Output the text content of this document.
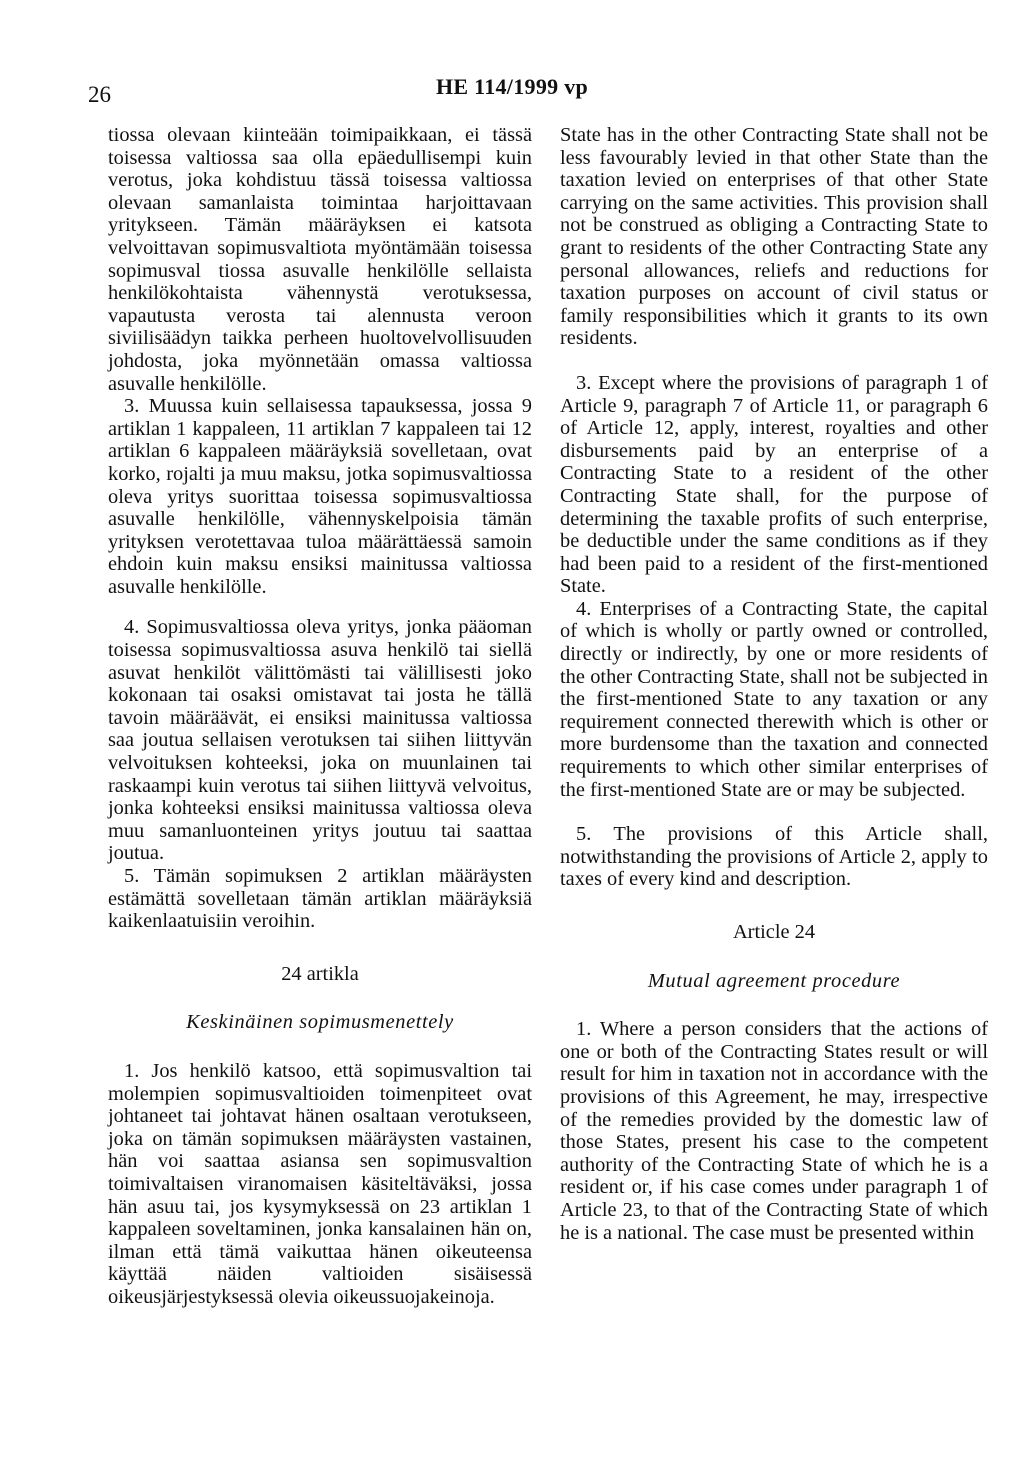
26	HE 114/1999 vp

tiossa olevaan kiinteään toimipaikkaan, ei tässä toisessa valtiossa saa olla epäedullisempi kuin verotus, joka kohdistuu tässä toisessa valtiossa olevaan samanlaista toimintaa harjoittavaan yritykseen. Tämän määräyksen ei katsota velvoittavan sopimusvaltiota myöntämään toisessa sopimusval tiossa asuvalle henkilölle sellaista henkilökohtaista vähennystä verotuksessa, vapautusta verosta tai alennusta veroon siviilisäädyn taikka perheen huoltovelvollisuuden johdosta, joka myönnetään omassa valtiossa asuvalle henkilölle.

3. Muussa kuin sellaisessa tapauksessa, jossa 9 artiklan 1 kappaleen, 11 artiklan 7 kappaleen tai 12 artiklan 6 kappaleen määräyksiä sovelletaan, ovat korko, rojalti ja muu maksu, jotka sopimusvaltiossa oleva yritys suorittaa toisessa sopimusvaltiossa asuvalle henkilölle, vähennyskelpoisia tämän yrityksen verotettavaa tuloa määrättäessä samoin ehdoin kuin maksu ensiksi mainitussa valtiossa asuvalle henkilölle.

4. Sopimusvaltiossa oleva yritys, jonka pääoman toisessa sopimusvaltiossa asuva henkilö tai siellä asuvat henkilöt välittömästi tai välillisesti joko kokonaan tai osaksi omistavat tai josta he tällä tavoin määräävät, ei ensiksi mainitussa valtiossa saa joutua sellaisen verotuksen tai siihen liittyvän velvoituksen kohteeksi, joka on muunlainen tai raskaampi kuin verotus tai siihen liittyvä velvoitus, jonka kohteeksi ensiksi mainitussa valtiossa oleva muu samanluonteinen yritys joutuu tai saattaa joutua.

5. Tämän sopimuksen 2 artiklan määräysten estämättä sovelletaan tämän artiklan määräyksiä kaikenlaatuisiin veroihin.

24 artikla

Keskinäinen sopimusmenettely

1. Jos henkilö katsoo, että sopimusvaltion tai molempien sopimusvaltioiden toimenpiteet ovat johtaneet tai johtavat hänen osaltaan verotukseen, joka on tämän sopimuksen määräysten vastainen, hän voi saattaa asiansa sen sopimusvaltion toimivaltaisen viranomaisen käsiteltäväksi, jossa hän asuu tai, jos kysymyksessä on 23 artiklan 1 kappaleen soveltaminen, jonka kansalainen hän on, ilman että tämä vaikuttaa hänen oikeuteensa käyttää näiden valtioiden sisäisessä oikeusjärjestyksessä olevia oikeussuojakeinoja.

State has in the other Contracting State shall not be less favourably levied in that other State than the taxation levied on enterprises of that other State carrying on the same activities. This provision shall not be construed as obliging a Contracting State to grant to residents of the other Contracting State any personal allowances, reliefs and reductions for taxation purposes on account of civil status or family responsibilities which it grants to its own residents.

3. Except where the provisions of paragraph 1 of Article 9, paragraph 7 of Article 11, or paragraph 6 of Article 12, apply, interest, royalties and other disbursements paid by an enterprise of a Contracting State to a resident of the other Contracting State shall, for the purpose of determining the taxable profits of such enterprise, be deductible under the same conditions as if they had been paid to a resident of the first-mentioned State.

4. Enterprises of a Contracting State, the capital of which is wholly or partly owned or controlled, directly or indirectly, by one or more residents of the other Contracting State, shall not be subjected in the first-mentioned State to any taxation or any requirement connected therewith which is other or more burdensome than the taxation and connected requirements to which other similar enterprises of the first-mentioned State are or may be subjected.

5. The provisions of this Article shall, notwithstanding the provisions of Article 2, apply to taxes of every kind and description.

Article 24

Mutual agreement procedure

1. Where a person considers that the actions of one or both of the Contracting States result or will result for him in taxation not in accordance with the provisions of this Agreement, he may, irrespective of the remedies provided by the domestic law of those States, present his case to the competent authority of the Contracting State of which he is a resident or, if his case comes under paragraph 1 of Article 23, to that of the Contracting State of which he is a national. The case must be presented within
